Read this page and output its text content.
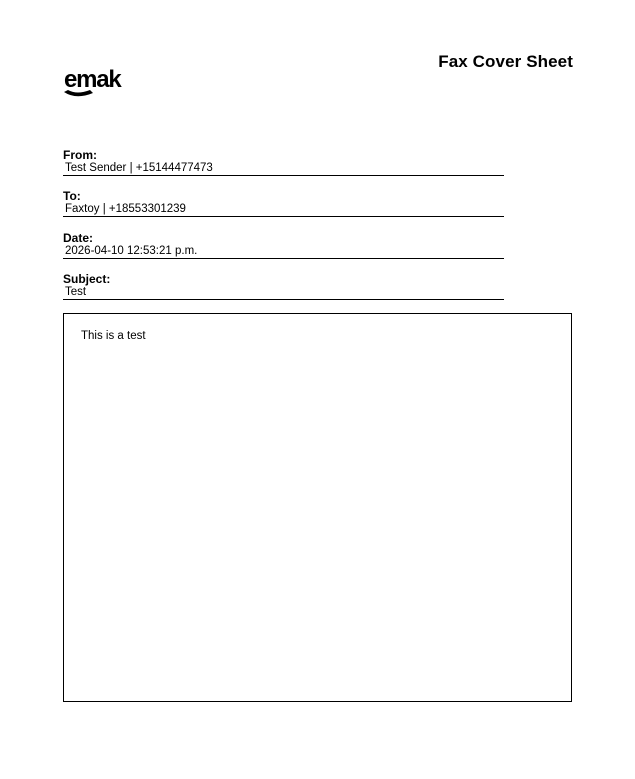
Fax Cover Sheet
emak
From:
Test Sender | +15144477473
To:
Faxtoy | +18553301239
Date:
2026-04-10 12:53:21 p.m.
Subject:
Test
This is a test
